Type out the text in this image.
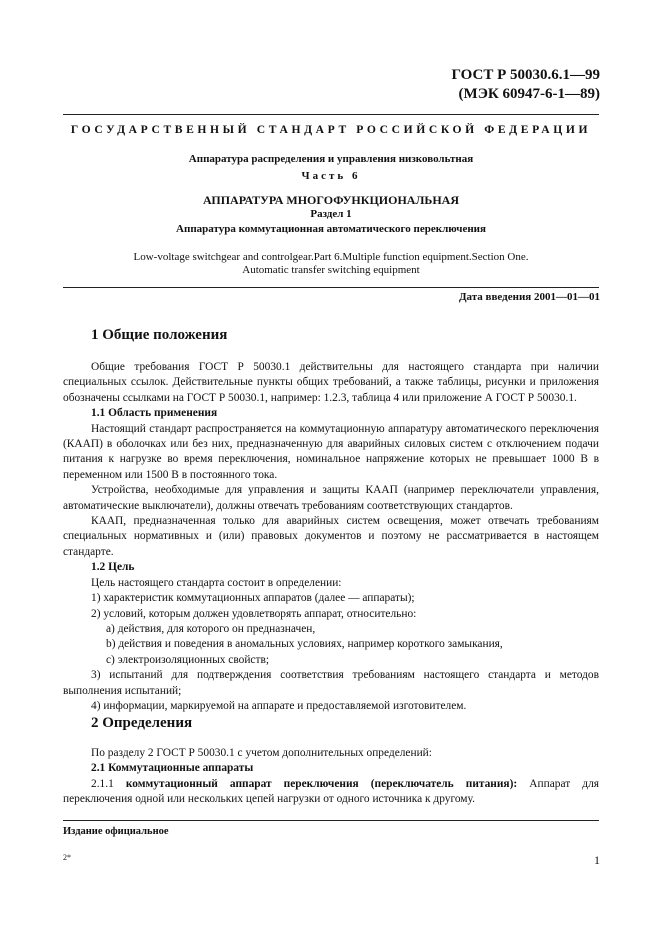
ГОСТ Р 50030.6.1—99
(МЭК 60947-6-1—89)
ГОСУДАРСТВЕННЫЙ СТАНДАРТ РОССИЙСКОЙ ФЕДЕРАЦИИ
Аппаратура распределения и управления низковольтная
Часть 6
АППАРАТУРА МНОГОФУНКЦИОНАЛЬНАЯ
Раздел 1
Аппаратура коммутационная автоматического переключения
Low-voltage switchgear and controlgear.Part 6.Multiple function equipment.Section One.
Automatic transfer switching equipment
Дата введения 2001—01—01
1 Общие положения

Общие требования ГОСТ Р 50030.1 действительны для настоящего стандарта при наличии специальных ссылок. Действительные пункты общих требований, а также таблицы, рисунки и приложения обозначены ссылками на ГОСТ Р 50030.1, например: 1.2.3, таблица 4 или приложение А ГОСТ Р 50030.1.

1.1 Область применения

Настоящий стандарт распространяется на коммутационную аппаратуру автоматического переключения (КААП) в оболочках или без них, предназначенную для аварийных силовых систем с отключением подачи питания к нагрузке во время переключения, номинальное напряжение которых не превышает 1000 В в переменном или 1500 В в постоянного тока.

Устройства, необходимые для управления и защиты КААП (например переключатели управления, автоматические выключатели), должны отвечать требованиям соответствующих стандартов.

КААП, предназначенная только для аварийных систем освещения, может отвечать требованиям специальных нормативных и (или) правовых документов и поэтому не рассматривается в настоящем стандарте.

1.2 Цель

Цель настоящего стандарта состоит в определении:

1) характеристик коммутационных аппаратов (далее — аппараты);

2) условий, которым должен удовлетворять аппарат, относительно:

а) действия, для которого он предназначен,

b) действия и поведения в аномальных условиях, например короткого замыкания,

с) электроизоляционных свойств;

3) испытаний для подтверждения соответствия требованиям настоящего стандарта и методов выполнения испытаний;

4) информации, маркируемой на аппарате и предоставляемой изготовителем.

2 Определения

По разделу 2 ГОСТ Р 50030.1 с учетом дополнительных определений:

2.1 Коммутационные аппараты

2.1.1 коммутационный аппарат переключения (переключатель питания): Аппарат для переключения одной или нескольких цепей нагрузки от одного источника к другому.

Издание официальное
2*	1
